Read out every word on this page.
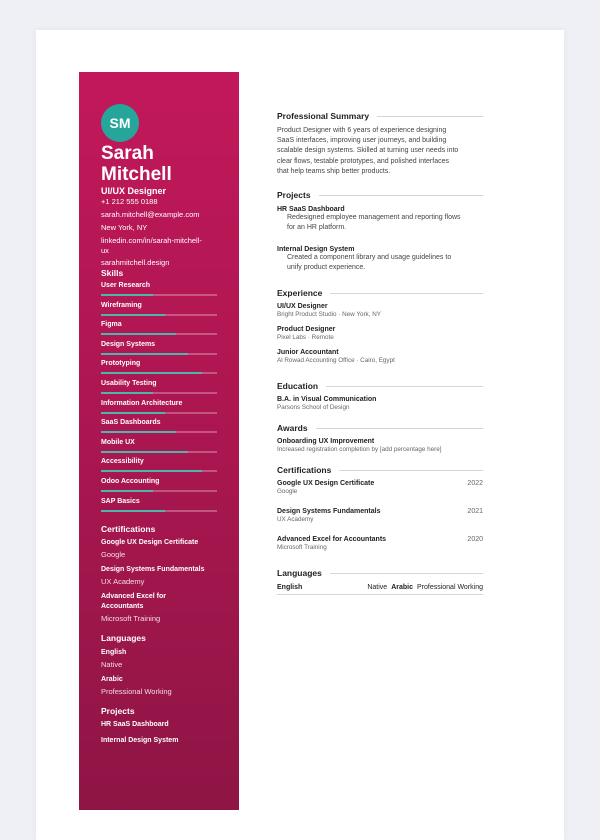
SM
Sarah
Mitchell
UI/UX Designer
+1 212 555 0188
sarah.mitchell@example.com
New York, NY
linkedin.com/in/sarah-mitchell-
ux
sarahmitchell.design
Skills
User Research
Wireframing
Figma
Design Systems
Prototyping
Usability Testing
Information Architecture
SaaS Dashboards
Mobile UX
Accessibility
Odoo Accounting
SAP Basics
Certifications
Google UX Design Certificate
Google
Design Systems Fundamentals
UX Academy
Advanced Excel for
Accountants
Microsoft Training
Languages
English
Native
Arabic
Professional Working
Projects
HR SaaS Dashboard
Internal Design System
Professional Summary
Product Designer with 6 years of experience designing
SaaS interfaces, improving user journeys, and building
scalable design systems. Skilled at turning user needs into
clear flows, testable prototypes, and polished interfaces
that help teams ship better products.
Projects
HR SaaS Dashboard
Redesigned employee management and reporting flows
for an HR platform.
Internal Design System
Created a component library and usage guidelines to
unify product experience.
Experience
UI/UX Designer
Bright Product Studio · New York, NY
Product Designer
Pixel Labs · Remote
Junior Accountant
Al Rowad Accounting Office · Cairo, Egypt
Education
B.A. in Visual Communication
Parsons School of Design
Awards
Onboarding UX Improvement
Increased registration completion by [add percentage here]
Certifications
Google UX Design Certificate	2022
Google
Design Systems Fundamentals	2021
UX Academy
Advanced Excel for Accountants	2020
Microsoft Training
Languages
English	Native Arabic Professional Working
